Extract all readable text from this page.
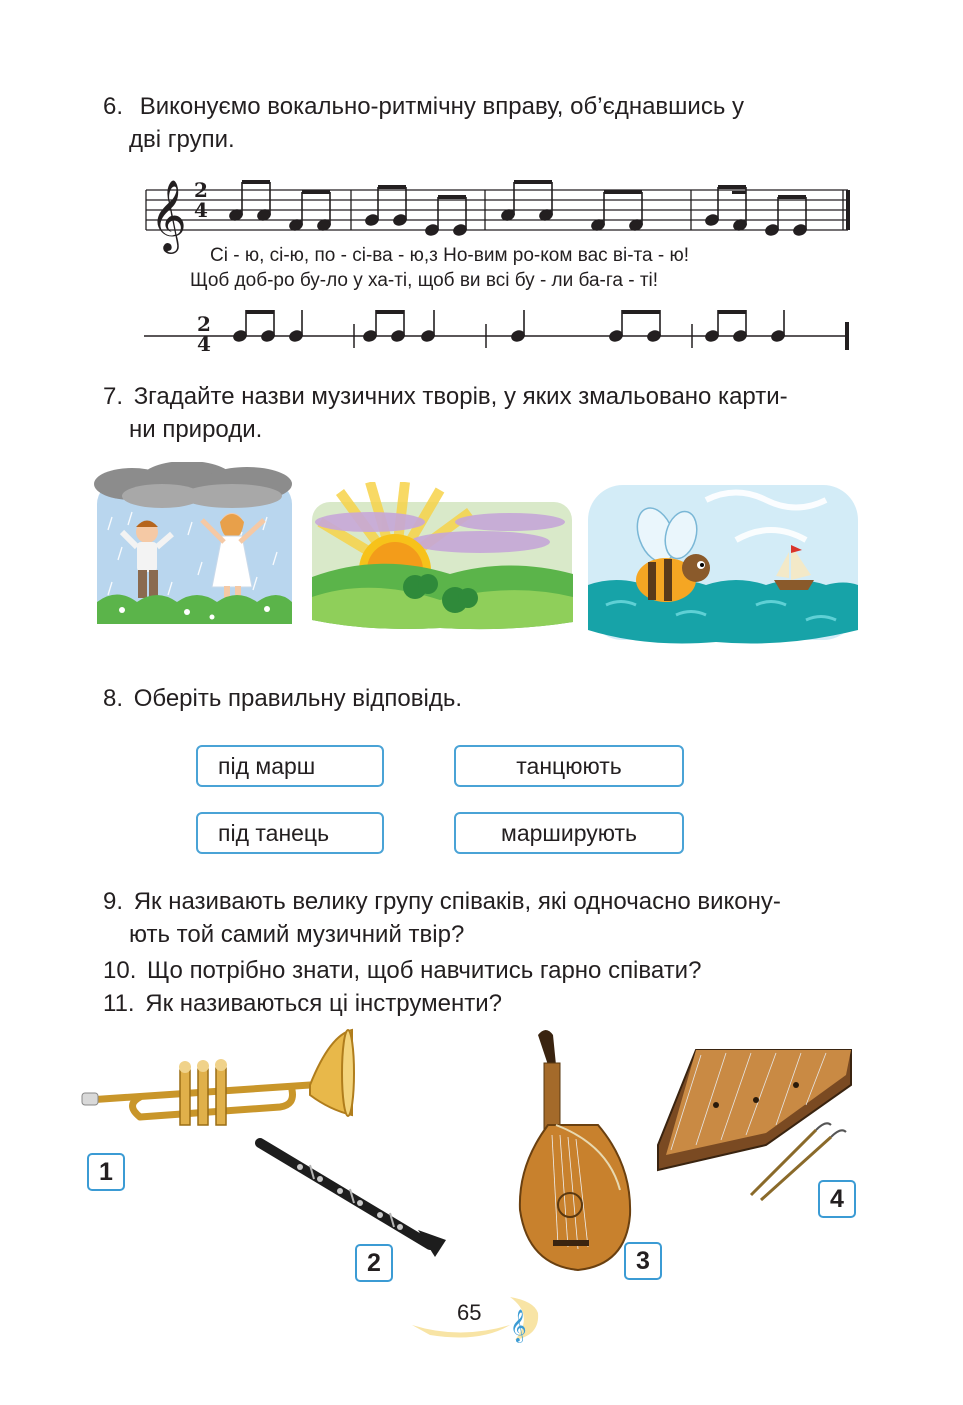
6. Виконуємо вокально-ритмічну вправу, об’єднавшись у
дві групи.
𝄞 2
4
Сі - ю, сі-ю, по - сі-ва - ю,з Но-вим ро-ком вас ві-та - ю!
Щоб доб-ро бу-ло у ха-ті, щоб ви всі бу - ли ба-га - ті!
2
4
7. Згадайте назви музичних творів, у яких змальовано карти-
ни природи.
8. Оберіть правильну відповідь.
під марш
під танець
танцюють
марширують
9. Як називають велику групу співаків, які одночасно викону-
ють той самий музичний твір?
10. Що потрібно знати, щоб навчитись гарно співати?
11. Як називаються ці інструменти?
1
2	3
4
𝄞
65
